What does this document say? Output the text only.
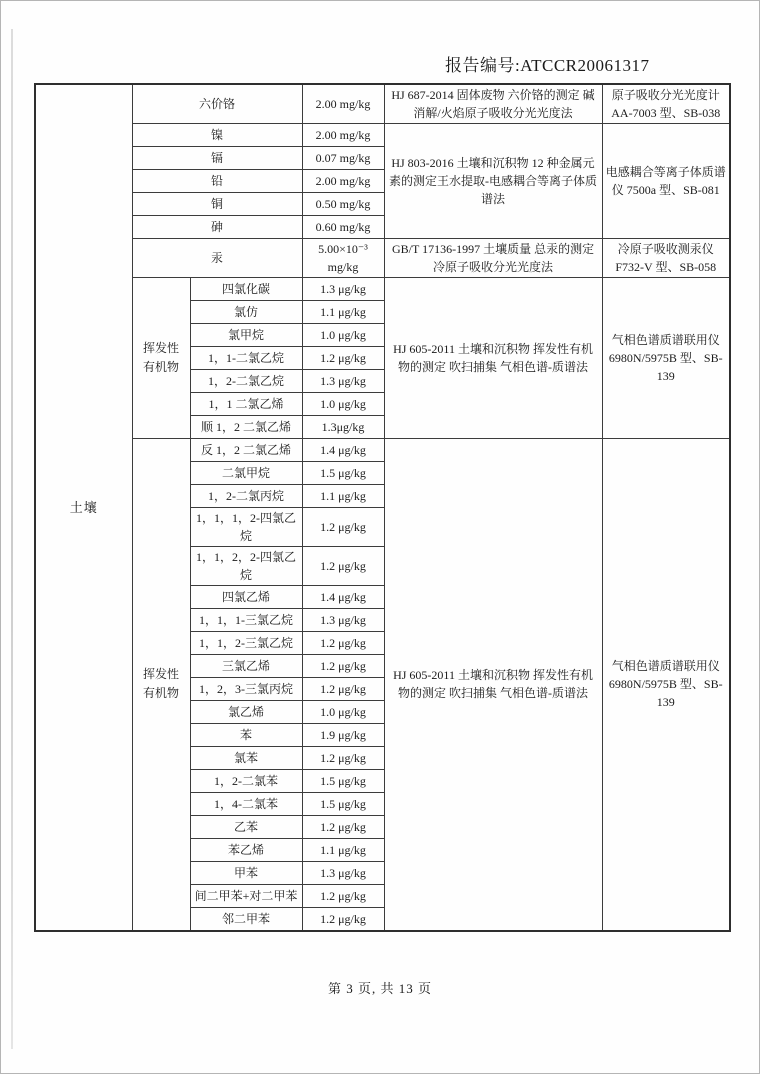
报告编号:ATCCR20061317
土壤	六价铬		2.00 mg/kg	HJ 687-2014 固体废物 六价铬的测定 碱消解/火焰原子吸收分光光度法	原子吸收分光光度计 AA-7003 型、SB-038
	镍		2.00 mg/kg	HJ 803-2016 土壤和沉积物 12 种金属元素的测定王水提取-电感耦合等离子体质谱法	电感耦合等离子体质谱仪 7500a 型、SB-081
	镉		0.07 mg/kg		
	铅		2.00 mg/kg		
	铜		0.50 mg/kg		
	砷		0.60 mg/kg		
	汞		5.00×10⁻³ mg/kg	GB/T 17136-1997 土壤质量 总汞的测定 冷原子吸收分光光度法	冷原子吸收测汞仪 F732-V 型、SB-058
	挥发性有机物	四氯化碳	1.3 μg/kg	HJ 605-2011 土壤和沉积物 挥发性有机物的测定 吹扫捕集 气相色谱-质谱法	气相色谱质谱联用仪 6980N/5975B 型、SB-139
		氯仿	1.1 μg/kg		
		氯甲烷	1.0 μg/kg		
		1，1-二氯乙烷	1.2 μg/kg		
		1，2-二氯乙烷	1.3 μg/kg		
		1，1 二氯乙烯	1.0 μg/kg		
		顺 1，2 二氯乙烯	1.3μg/kg		
	挥发性有机物	反 1，2 二氯乙烯	1.4 μg/kg	HJ 605-2011 土壤和沉积物 挥发性有机物的测定 吹扫捕集 气相色谱-质谱法	气相色谱质谱联用仪 6980N/5975B 型、SB-139
		二氯甲烷	1.5 μg/kg		
		1，2-二氯丙烷	1.1 μg/kg		
		1，1，1，2-四氯乙烷	1.2 μg/kg		
		1，1，2，2-四氯乙烷	1.2 μg/kg		
		四氯乙烯	1.4 μg/kg		
		1，1，1-三氯乙烷	1.3 μg/kg		
		1，1，2-三氯乙烷	1.2 μg/kg		
		三氯乙烯	1.2 μg/kg		
		1，2，3-三氯丙烷	1.2 μg/kg		
		氯乙烯	1.0 μg/kg		
		苯	1.9 μg/kg		
		氯苯	1.2 μg/kg		
		1，2-二氯苯	1.5 μg/kg		
		1，4-二氯苯	1.5 μg/kg		
		乙苯	1.2 μg/kg		
		苯乙烯	1.1 μg/kg		
		甲苯	1.3 μg/kg		
		间二甲苯+对二甲苯	1.2 μg/kg		
		邻二甲苯	1.2 μg/kg		
第 3 页, 共 13 页
